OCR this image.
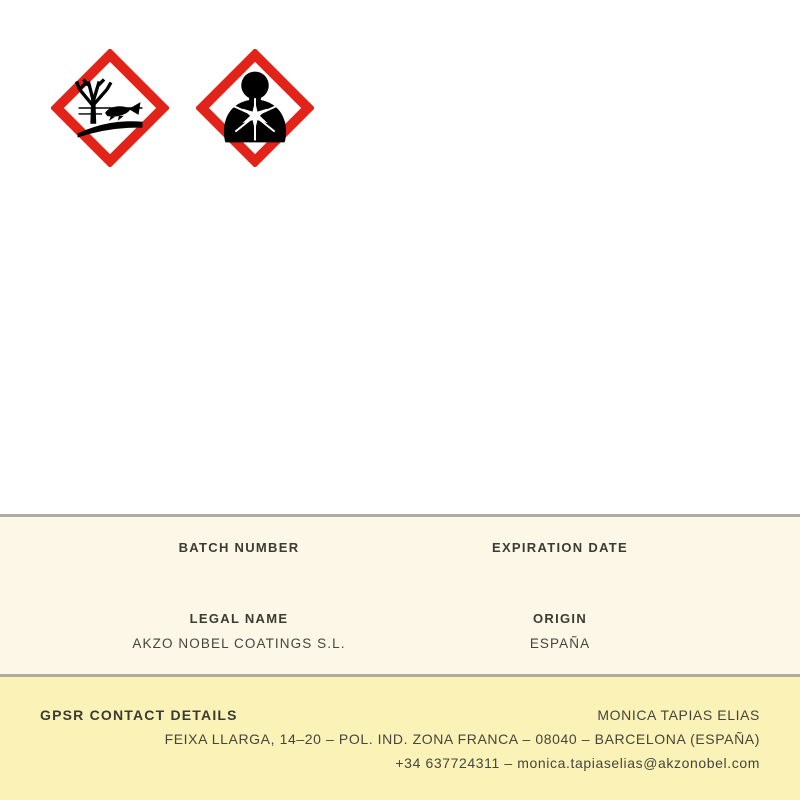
BATCH NUMBER	EXPIRATION DATE
LEGAL NAME
AKZO NOBEL COATINGS S.L.
ORIGIN
ESPAÑA
GPSR CONTACT DETAILS	MONICA TAPIAS ELIAS
FEIXA LLARGA, 14–20 – POL. IND. ZONA FRANCA – 08040 – BARCELONA (ESPAÑA)
+34 637724311 – monica.tapiaselias@akzonobel.com
